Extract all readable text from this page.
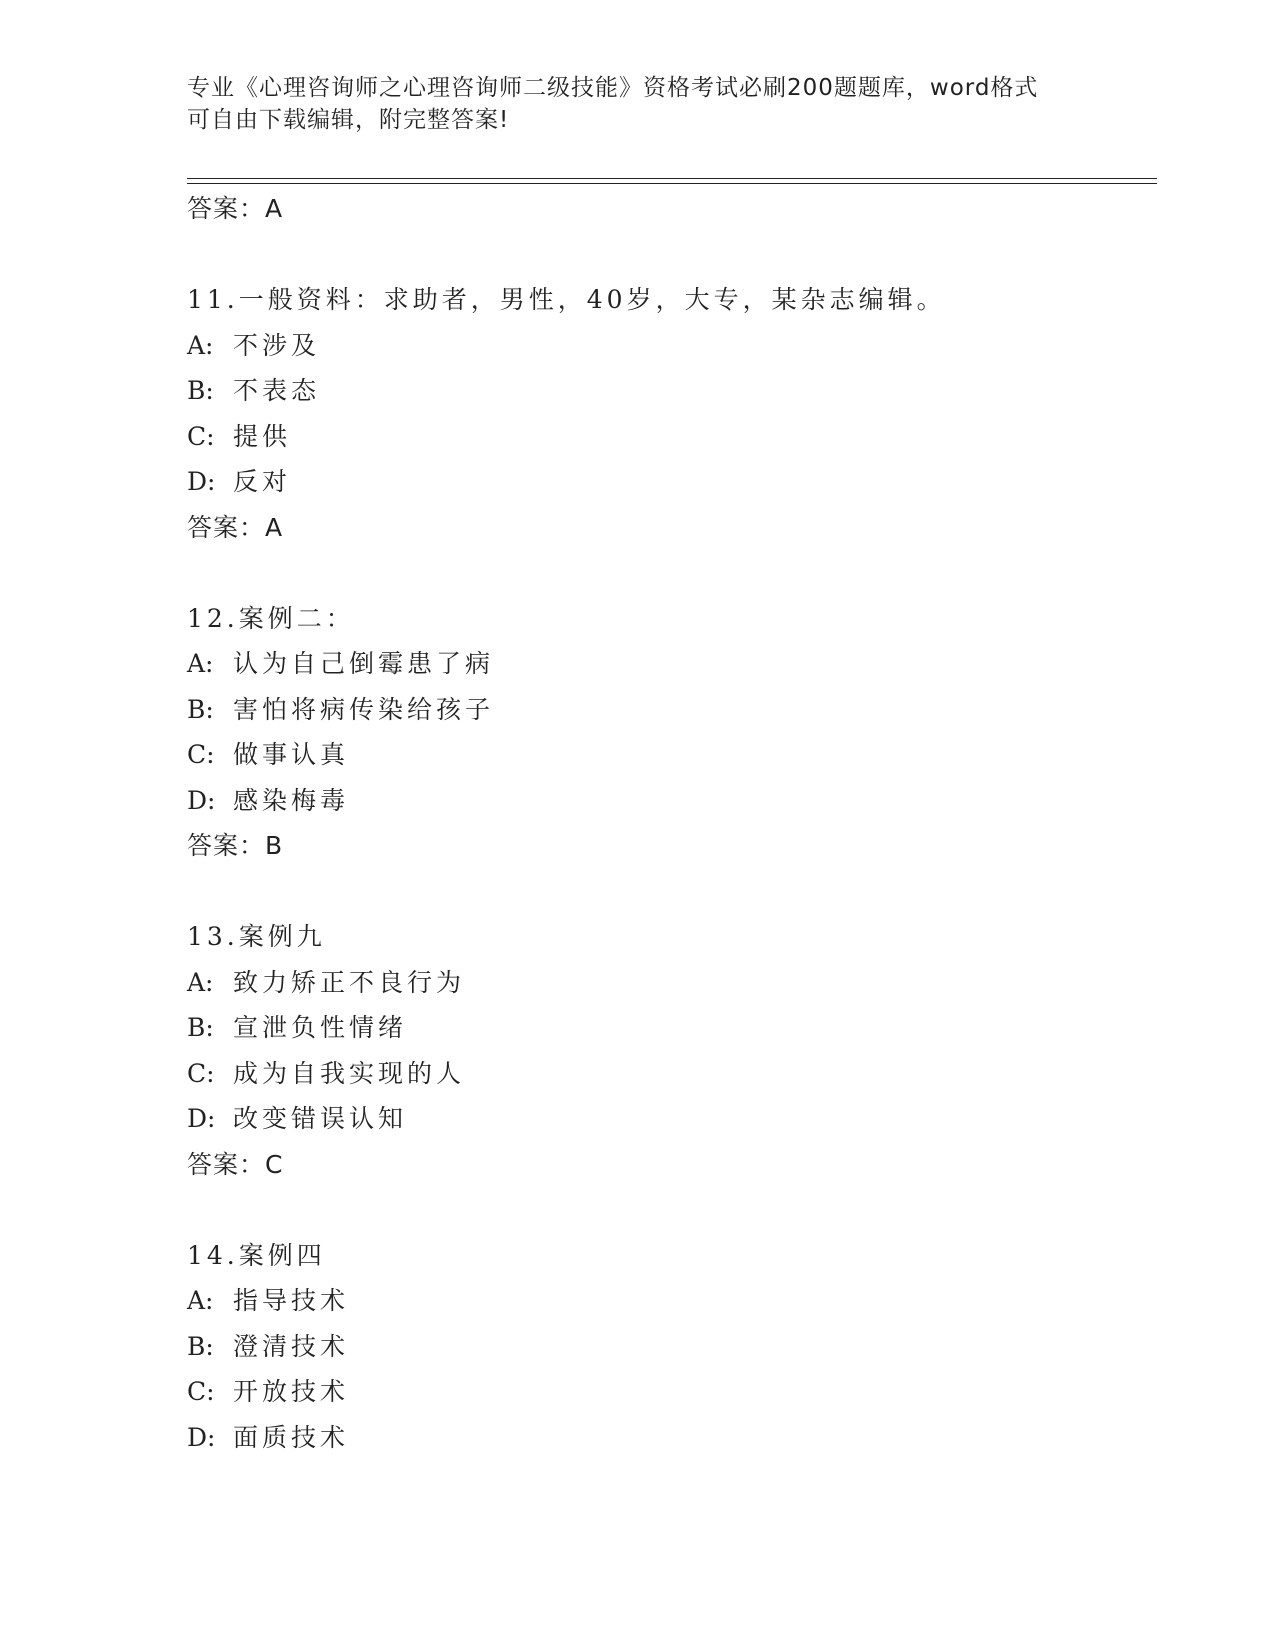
专业《心理咨询师之心理咨询师二级技能》资格考试必刷200题题库，word格式
可自由下载编辑，附完整答案!
答案：A
11.一般资料：求助者，男性，40岁，大专，某杂志编辑。
A: 不涉及
B: 不表态
C: 提供
D: 反对
答案：A
12.案例二：
A: 认为自己倒霉患了病
B: 害怕将病传染给孩子
C: 做事认真
D: 感染梅毒
答案：B
13.案例九
A: 致力矫正不良行为
B: 宣泄负性情绪
C: 成为自我实现的人
D: 改变错误认知
答案：C
14.案例四
A: 指导技术
B: 澄清技术
C: 开放技术
D: 面质技术
